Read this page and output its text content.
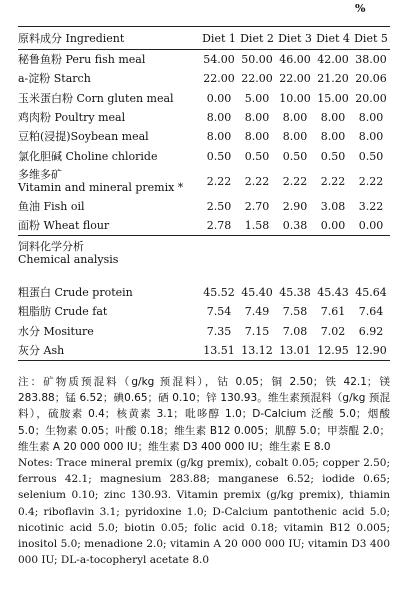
%
原料成分 Ingredient	Diet 1	Diet 2	Diet 3	Diet 4	Diet 5
秘鲁鱼粉 Peru fish meal	54.00	50.00	46.00	42.00	38.00
a-淀粉 Starch	22.00	22.00	22.00	21.20	20.06
玉米蛋白粉 Corn gluten meal	0.00	5.00	10.00	15.00	20.00
鸡肉粉 Poultry meal	8.00	8.00	8.00	8.00	8.00
豆粕(浸提)Soybean meal	8.00	8.00	8.00	8.00	8.00
氯化胆碱 Choline chloride	0.50	0.50	0.50	0.50	0.50

多维多矿
Vitamin and mineral premix *	2.22	2.22	2.22	2.22	2.22
鱼油 Fish oil	2.50	2.70	2.90	3.08	3.22
面粉 Wheat flour	2.78	1.58	0.38	0.00	0.00

饲料化学分析
Chemical analysis					

粗蛋白 Crude protein	45.52	45.40	45.38	45.43	45.64
粗脂肪 Crude fat	7.54	7.49	7.58	7.61	7.64
水分 Mositure	7.35	7.15	7.08	7.02	6.92
灰分 Ash	13.51	13.12	13.01	12.95	12.90

注：矿物质预混料（g/kg 预混料），钴 0.05；铜 2.50；铁 42.1；镁 283.88；锰 6.52；碘0.65；硒 0.10；锌 130.93。维生素预混料（g/kg 预混料），硫胺素 0.4；核黄素 3.1；吡哆醇 1.0；D-Calcium 泛酸 5.0；烟酸 5.0；生物素 0.05；叶酸 0.18；维生素 B12 0.005；肌醇 5.0；甲萘醌 2.0；维生素 A 20 000 000 IU；维生素 D3 400 000 IU；维生素 E 8.0

Notes: Trace mineral premix (g/kg premix), cobalt 0.05; copper 2.50; ferrous 42.1; magnesium 283.88; manganese 6.52; iodide 0.65; selenium 0.10; zinc 130.93. Vitamin premix (g/kg premix), thiamin 0.4; riboflavin 3.1; pyridoxine 1.0; D-Calcium pantothenic acid 5.0; nicotinic acid 5.0; biotin 0.05; folic acid 0.18; vitamin B12 0.005; inositol 5.0; menadione 2.0; vitamin A 20 000 000 IU; vitamin D3 400 000 IU; DL-a-tocopheryl acetate 8.0
